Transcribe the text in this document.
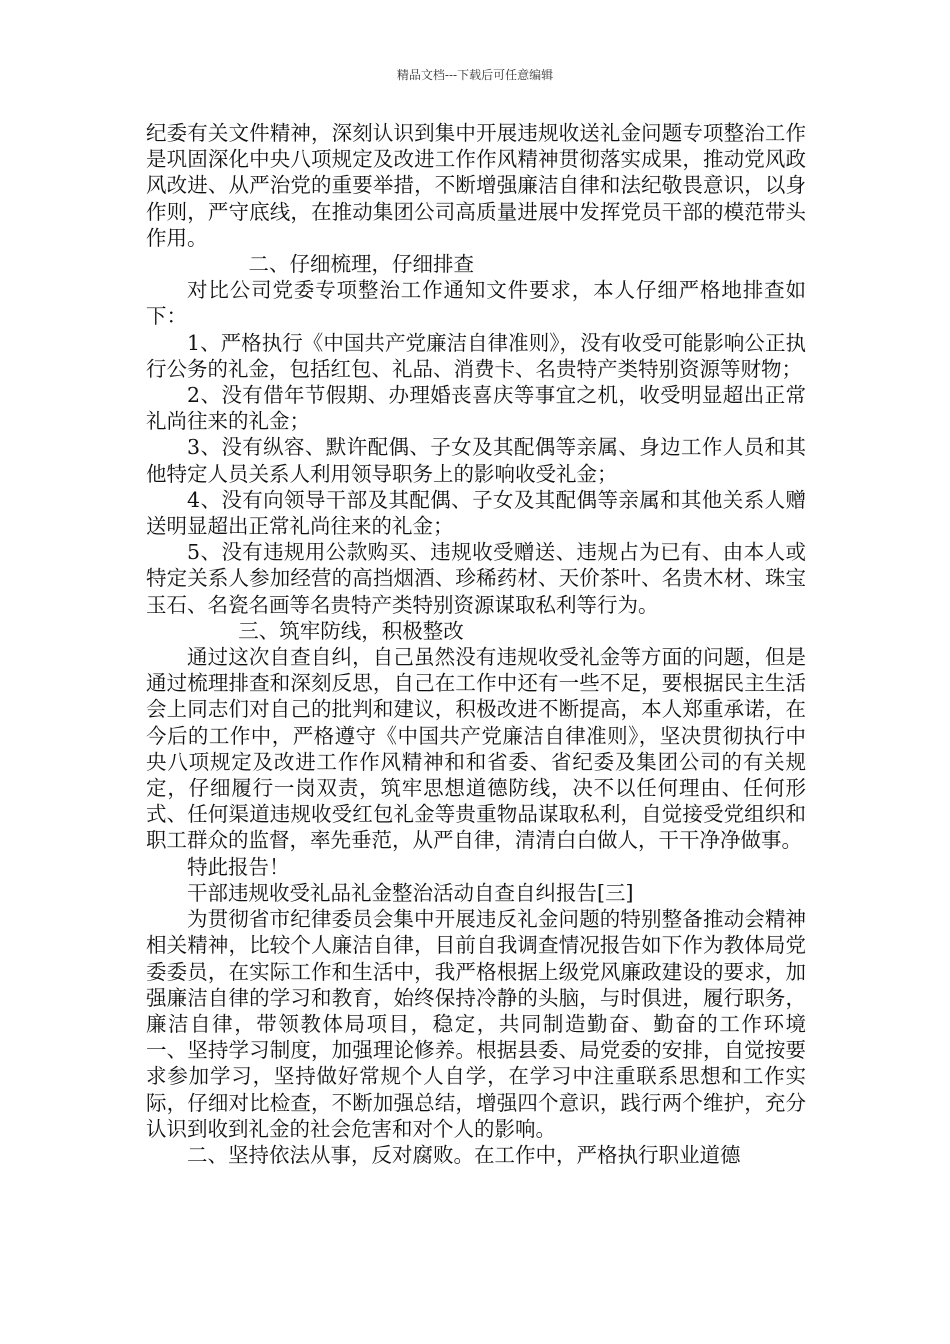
精品文档---下载后可任意编辑

纪委有关文件精神，深刻认识到集中开展违规收送礼金问题专项整治工作是巩固深化中央八项规定及改进工作作风精神贯彻落实成果，推动党风政风改进、从严治党的重要举措，不断增强廉洁自律和法纪敬畏意识，以身作则，严守底线，在推动集团公司高质量进展中发挥党员干部的模范带头作用。

二、仔细梳理，仔细排查

对比公司党委专项整治工作通知文件要求，本人仔细严格地排查如下：

1、严格执行《中国共产党廉洁自律准则》，没有收受可能影响公正执行公务的礼金，包括红包、礼品、消费卡、名贵特产类特别资源等财物；

2、没有借年节假期、办理婚丧喜庆等事宜之机，收受明显超出正常礼尚往来的礼金；

3、没有纵容、默许配偶、子女及其配偶等亲属、身边工作人员和其他特定人员关系人利用领导职务上的影响收受礼金；

4、没有向领导干部及其配偶、子女及其配偶等亲属和其他关系人赠送明显超出正常礼尚往来的礼金；

5、没有违规用公款购买、违规收受赠送、违规占为已有、由本人或特定关系人参加经营的高挡烟酒、珍稀药材、天价茶叶、名贵木材、珠宝玉石、名瓷名画等名贵特产类特别资源谋取私利等行为。

三、筑牢防线，积极整改

通过这次自查自纠，自己虽然没有违规收受礼金等方面的问题，但是通过梳理排查和深刻反思，自己在工作中还有一些不足，要根据民主生活会上同志们对自己的批判和建议，积极改进不断提高，本人郑重承诺，在今后的工作中，严格遵守《中国共产党廉洁自律准则》，坚决贯彻执行中央八项规定及改进工作作风精神和和省委、省纪委及集团公司的有关规定，仔细履行一岗双责，筑牢思想道德防线，决不以任何理由、任何形式、任何渠道违规收受红包礼金等贵重物品谋取私利，自觉接受党组织和职工群众的监督，率先垂范，从严自律，清清白白做人，干干净净做事。

特此报告！

干部违规收受礼品礼金整治活动自查自纠报告[三]

为贯彻省市纪律委员会集中开展违反礼金问题的特别整备推动会精神相关精神，比较个人廉洁自律，目前自我调查情况报告如下作为教体局党委委员，在实际工作和生活中，我严格根据上级党风廉政建设的要求，加强廉洁自律的学习和教育，始终保持冷静的头脑，与时俱进，履行职务，廉洁自律，带领教体局项目，稳定，共同制造勤奋、勤奋的工作环境 一、坚持学习制度，加强理论修养。根据县委、局党委的安排，自觉按要求参加学习，坚持做好常规个人自学，在学习中注重联系思想和工作实际，仔细对比检查，不断加强总结，增强四个意识，践行两个维护，充分认识到收到礼金的社会危害和对个人的影响。

二、坚持依法从事，反对腐败。在工作中，严格执行职业道德
